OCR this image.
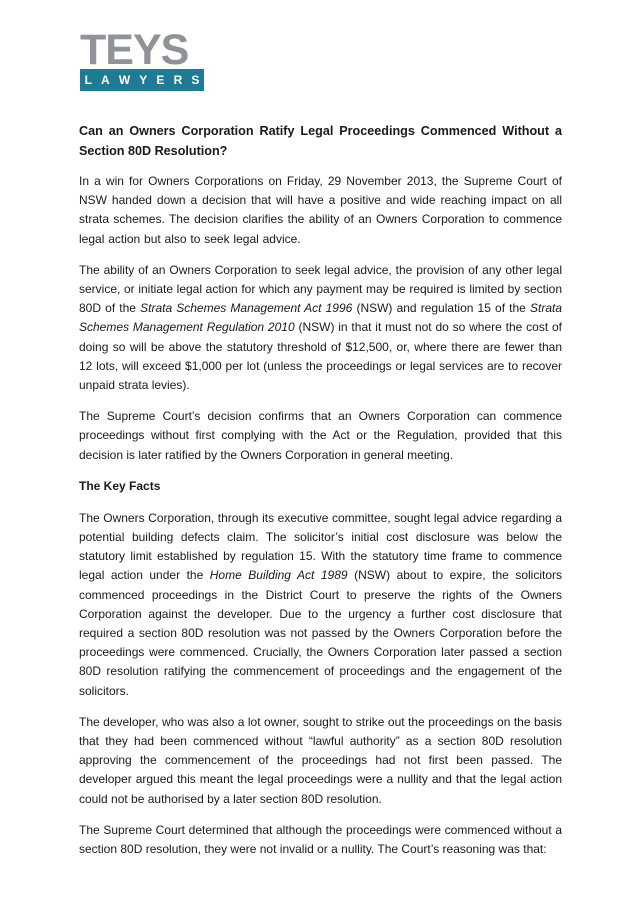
TEYS
L A W Y E R S
Can an Owners Corporation Ratify Legal Proceedings Commenced Without a Section 80D Resolution?

In a win for Owners Corporations on Friday, 29 November 2013, the Supreme Court of NSW handed down a decision that will have a positive and wide reaching impact on all strata schemes. The decision clarifies the ability of an Owners Corporation to commence legal action but also to seek legal advice.

The ability of an Owners Corporation to seek legal advice, the provision of any other legal service, or initiate legal action for which any payment may be required is limited by section 80D of the Strata Schemes Management Act 1996 (NSW) and regulation 15 of the Strata Schemes Management Regulation 2010 (NSW) in that it must not do so where the cost of doing so will be above the statutory threshold of $12,500, or, where there are fewer than 12 lots, will exceed $1,000 per lot (unless the proceedings or legal services are to recover unpaid strata levies).

The Supreme Court’s decision confirms that an Owners Corporation can commence proceedings without first complying with the Act or the Regulation, provided that this decision is later ratified by the Owners Corporation in general meeting.

The Key Facts

The Owners Corporation, through its executive committee, sought legal advice regarding a potential building defects claim. The solicitor’s initial cost disclosure was below the statutory limit established by regulation 15. With the statutory time frame to commence legal action under the Home Building Act 1989 (NSW) about to expire, the solicitors commenced proceedings in the District Court to preserve the rights of the Owners Corporation against the developer. Due to the urgency a further cost disclosure that required a section 80D resolution was not passed by the Owners Corporation before the proceedings were commenced. Crucially, the Owners Corporation later passed a section 80D resolution ratifying the commencement of proceedings and the engagement of the solicitors.

The developer, who was also a lot owner, sought to strike out the proceedings on the basis that they had been commenced without “lawful authority” as a section 80D resolution approving the commencement of the proceedings had not first been passed. The developer argued this meant the legal proceedings were a nullity and that the legal action could not be authorised by a later section 80D resolution.

The Supreme Court determined that although the proceedings were commenced without a section 80D resolution, they were not invalid or a nullity. The Court’s reasoning was that:
